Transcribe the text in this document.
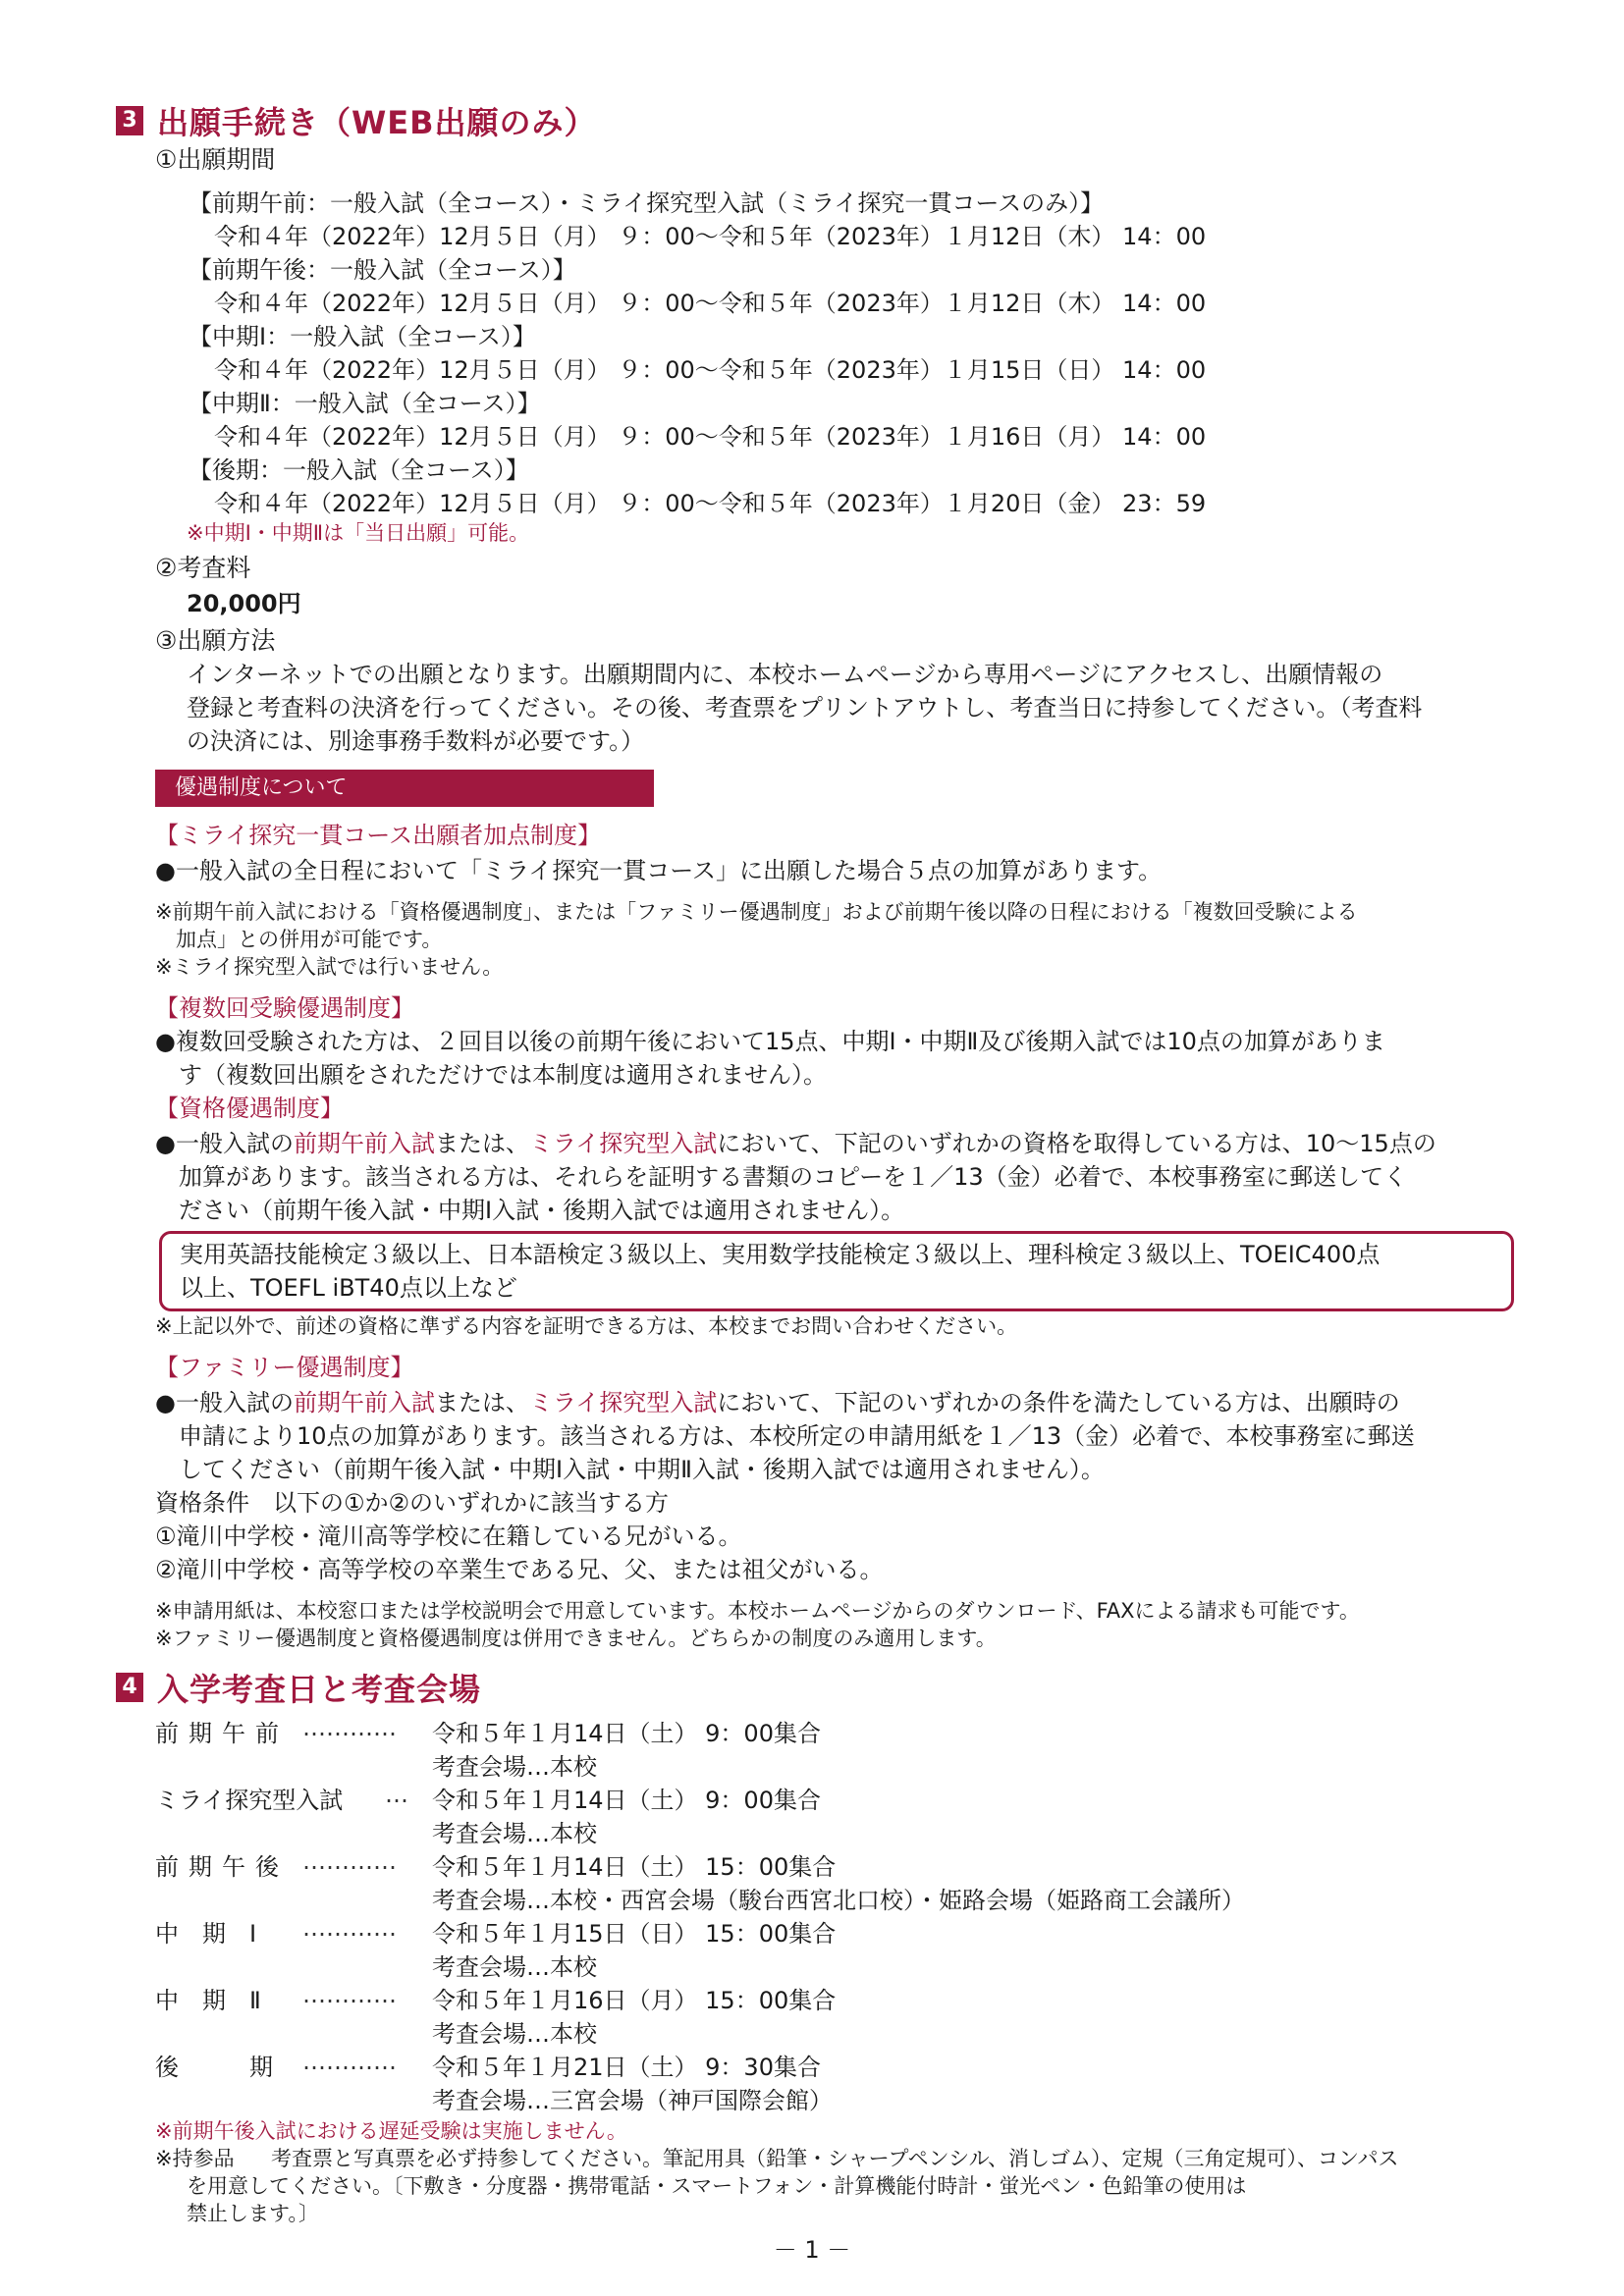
3 出願手続き（WEB出願のみ）
①出願期間
【前期午前：一般入試（全コース）・ミライ探究型入試（ミライ探究一貫コースのみ）】
令和４年（2022年）12月５日（月） ９：00〜令和５年（2023年）１月12日（木） 14：00
【前期午後：一般入試（全コース）】
令和４年（2022年）12月５日（月） ９：00〜令和５年（2023年）１月12日（木） 14：00
【中期Ⅰ：一般入試（全コース）】
令和４年（2022年）12月５日（月） ９：00〜令和５年（2023年）１月15日（日） 14：00
【中期Ⅱ：一般入試（全コース）】
令和４年（2022年）12月５日（月） ９：00〜令和５年（2023年）１月16日（月） 14：00
【後期：一般入試（全コース）】
令和４年（2022年）12月５日（月） ９：00〜令和５年（2023年）１月20日（金） 23：59
※中期Ⅰ・中期Ⅱは「当日出願」可能。
②考査料
20,000円
③出願方法
インターネットでの出願となります。出願期間内に、本校ホームページから専用ページにアクセスし、出願情報の
登録と考査料の決済を行ってください。その後、考査票をプリントアウトし、考査当日に持参してください。（考査料
の決済には、別途事務手数料が必要です。）
優遇制度について
【ミライ探究一貫コース出願者加点制度】
●一般入試の全日程において「ミライ探究一貫コース」に出願した場合５点の加算があります。
※前期午前入試における「資格優遇制度」、または「ファミリー優遇制度」および前期午後以降の日程における「複数回受験による
　加点」との併用が可能です。
※ミライ探究型入試では行いません。
【複数回受験優遇制度】
●複数回受験された方は、２回目以後の前期午後において15点、中期Ⅰ・中期Ⅱ及び後期入試では10点の加算がありま
　す（複数回出願をされただけでは本制度は適用されません）。
【資格優遇制度】
●一般入試の前期午前入試または、ミライ探究型入試において、下記のいずれかの資格を取得している方は、10〜15点の
　加算があります。該当される方は、それらを証明する書類のコピーを１／13（金）必着で、本校事務室に郵送してく
　ださい（前期午後入試・中期Ⅰ入試・後期入試では適用されません）。
実用英語技能検定３級以上、日本語検定３級以上、実用数学技能検定３級以上、理科検定３級以上、TOEIC400点
以上、TOEFL iBT40点以上など
※上記以外で、前述の資格に準ずる内容を証明できる方は、本校までお問い合わせください。
【ファミリー優遇制度】
●一般入試の前期午前入試または、ミライ探究型入試において、下記のいずれかの条件を満たしている方は、出願時の
　申請により10点の加算があります。該当される方は、本校所定の申請用紙を１／13（金）必着で、本校事務室に郵送
　してください（前期午後入試・中期Ⅰ入試・中期Ⅱ入試・後期入試では適用されません）。
資格条件　以下の①か②のいずれかに該当する方
①滝川中学校・滝川高等学校に在籍している兄がいる。
②滝川中学校・高等学校の卒業生である兄、父、または祖父がいる。
※申請用紙は、本校窓口または学校説明会で用意しています。本校ホームページからのダウンロード、FAXによる請求も可能です。
※ファミリー優遇制度と資格優遇制度は併用できません。どちらかの制度のみ適用します。
4 入学考査日と考査会場
前期午前 ………… 令和５年１月14日（土） 9：00集合
考査会場…本校
ミライ探究型入試 … 令和５年１月14日（土） 9：00集合
考査会場…本校
前期午後 ………… 令和５年１月14日（土） 15：00集合
考査会場…本校・西宮会場（駿台西宮北口校）・姫路会場（姫路商工会議所）
中　期　Ⅰ ………… 令和５年１月15日（日） 15：00集合
考査会場…本校
中　期　Ⅱ ………… 令和５年１月16日（月） 15：00集合
考査会場…本校
後　　　期 ………… 令和５年１月21日（土） 9：30集合
考査会場…三宮会場（神戸国際会館）
※前期午後入試における遅延受験は実施しません。
※持参品 考査票と写真票を必ず持参してください。筆記用具（鉛筆・シャープペンシル、消しゴム）、定規（三角定規可）、コンパス
を用意してください。〔下敷き・分度器・携帯電話・スマートフォン・計算機能付時計・蛍光ペン・色鉛筆の使用は
禁止します。〕
－ 1 －
